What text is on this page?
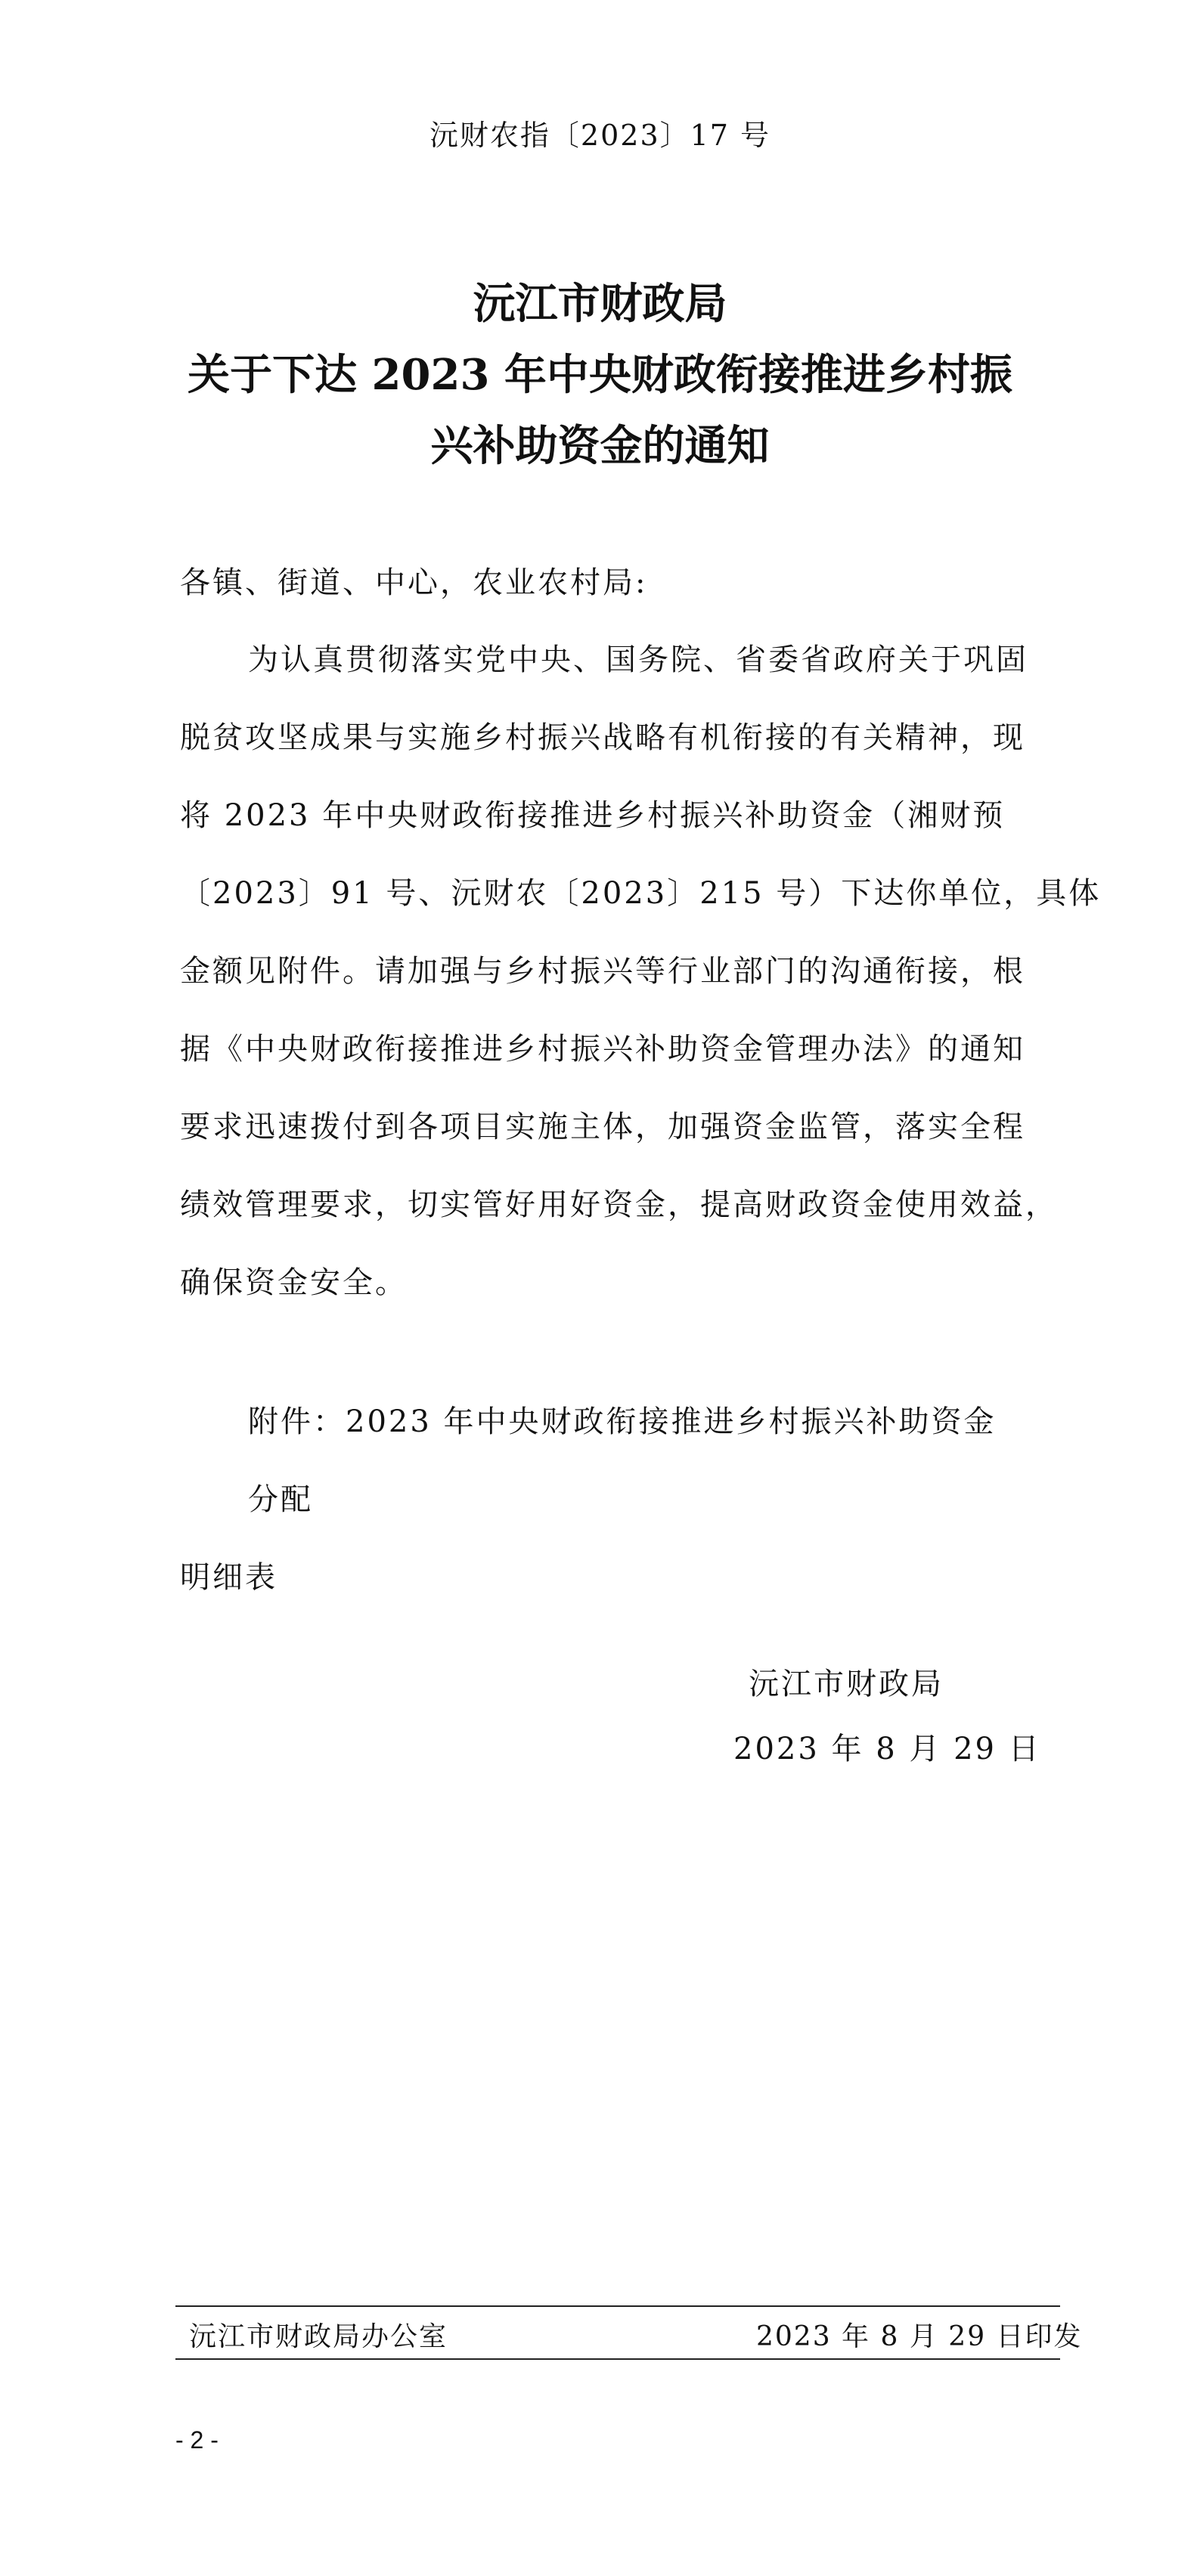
沅财农指〔2023〕17 号
沅江市财政局
关于下达 2023 年中央财政衔接推进乡村振
兴补助资金的通知
各镇、街道、中心，农业农村局:
为认真贯彻落实党中央、国务院、省委省政府关于巩固
脱贫攻坚成果与实施乡村振兴战略有机衔接的有关精神，现
将 2023 年中央财政衔接推进乡村振兴补助资金（湘财预
〔2023〕91 号、沅财农〔2023〕215 号）下达你单位，具体
金额见附件。请加强与乡村振兴等行业部门的沟通衔接，根
据《中央财政衔接推进乡村振兴补助资金管理办法》的通知
要求迅速拨付到各项目实施主体，加强资金监管，落实全程
绩效管理要求，切实管好用好资金，提高财政资金使用效益，
确保资金安全。
附件：2023 年中央财政衔接推进乡村振兴补助资金分配
明细表
沅江市财政局
2023 年 8 月 29 日
沅江市财政局办公室	2023 年 8 月 29 日印发
- 2 -
